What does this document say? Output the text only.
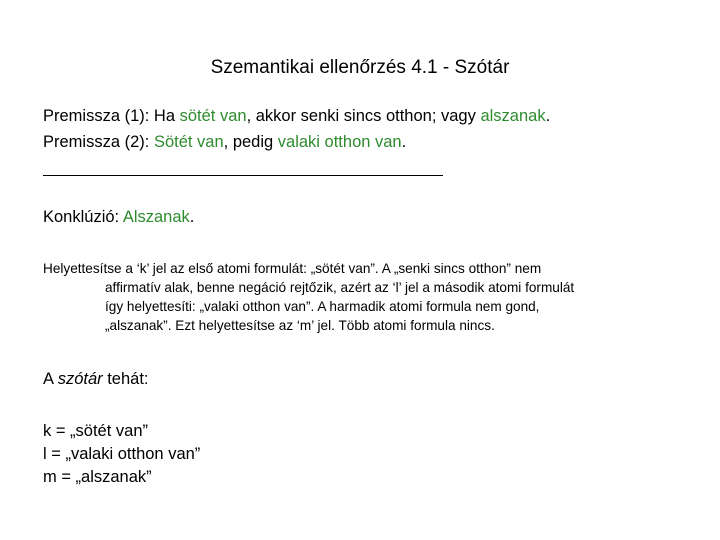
Szemantikai ellenőrzés 4.1 - Szótár
Premissza (1): Ha sötét van, akkor senki sincs otthon; vagy alszanak.
Premissza (2): Sötét van, pedig valaki otthon van.
Konklúzió: Alszanak.
Helyettesítse a ‘k’ jel az első atomi formulát: „sötét van”. A „senki sincs otthon” nem
affirmatív alak, benne negáció rejtőzik, azért az ‘l’ jel a második atomi formulát
így helyettesíti: „valaki otthon van”. A harmadik atomi formula nem gond,
„alszanak”. Ezt helyettesítse az ‘m’ jel. Több atomi formula nincs.
A szótár tehát:
k = „sötét van”
l = „valaki otthon van”
m = „alszanak”
